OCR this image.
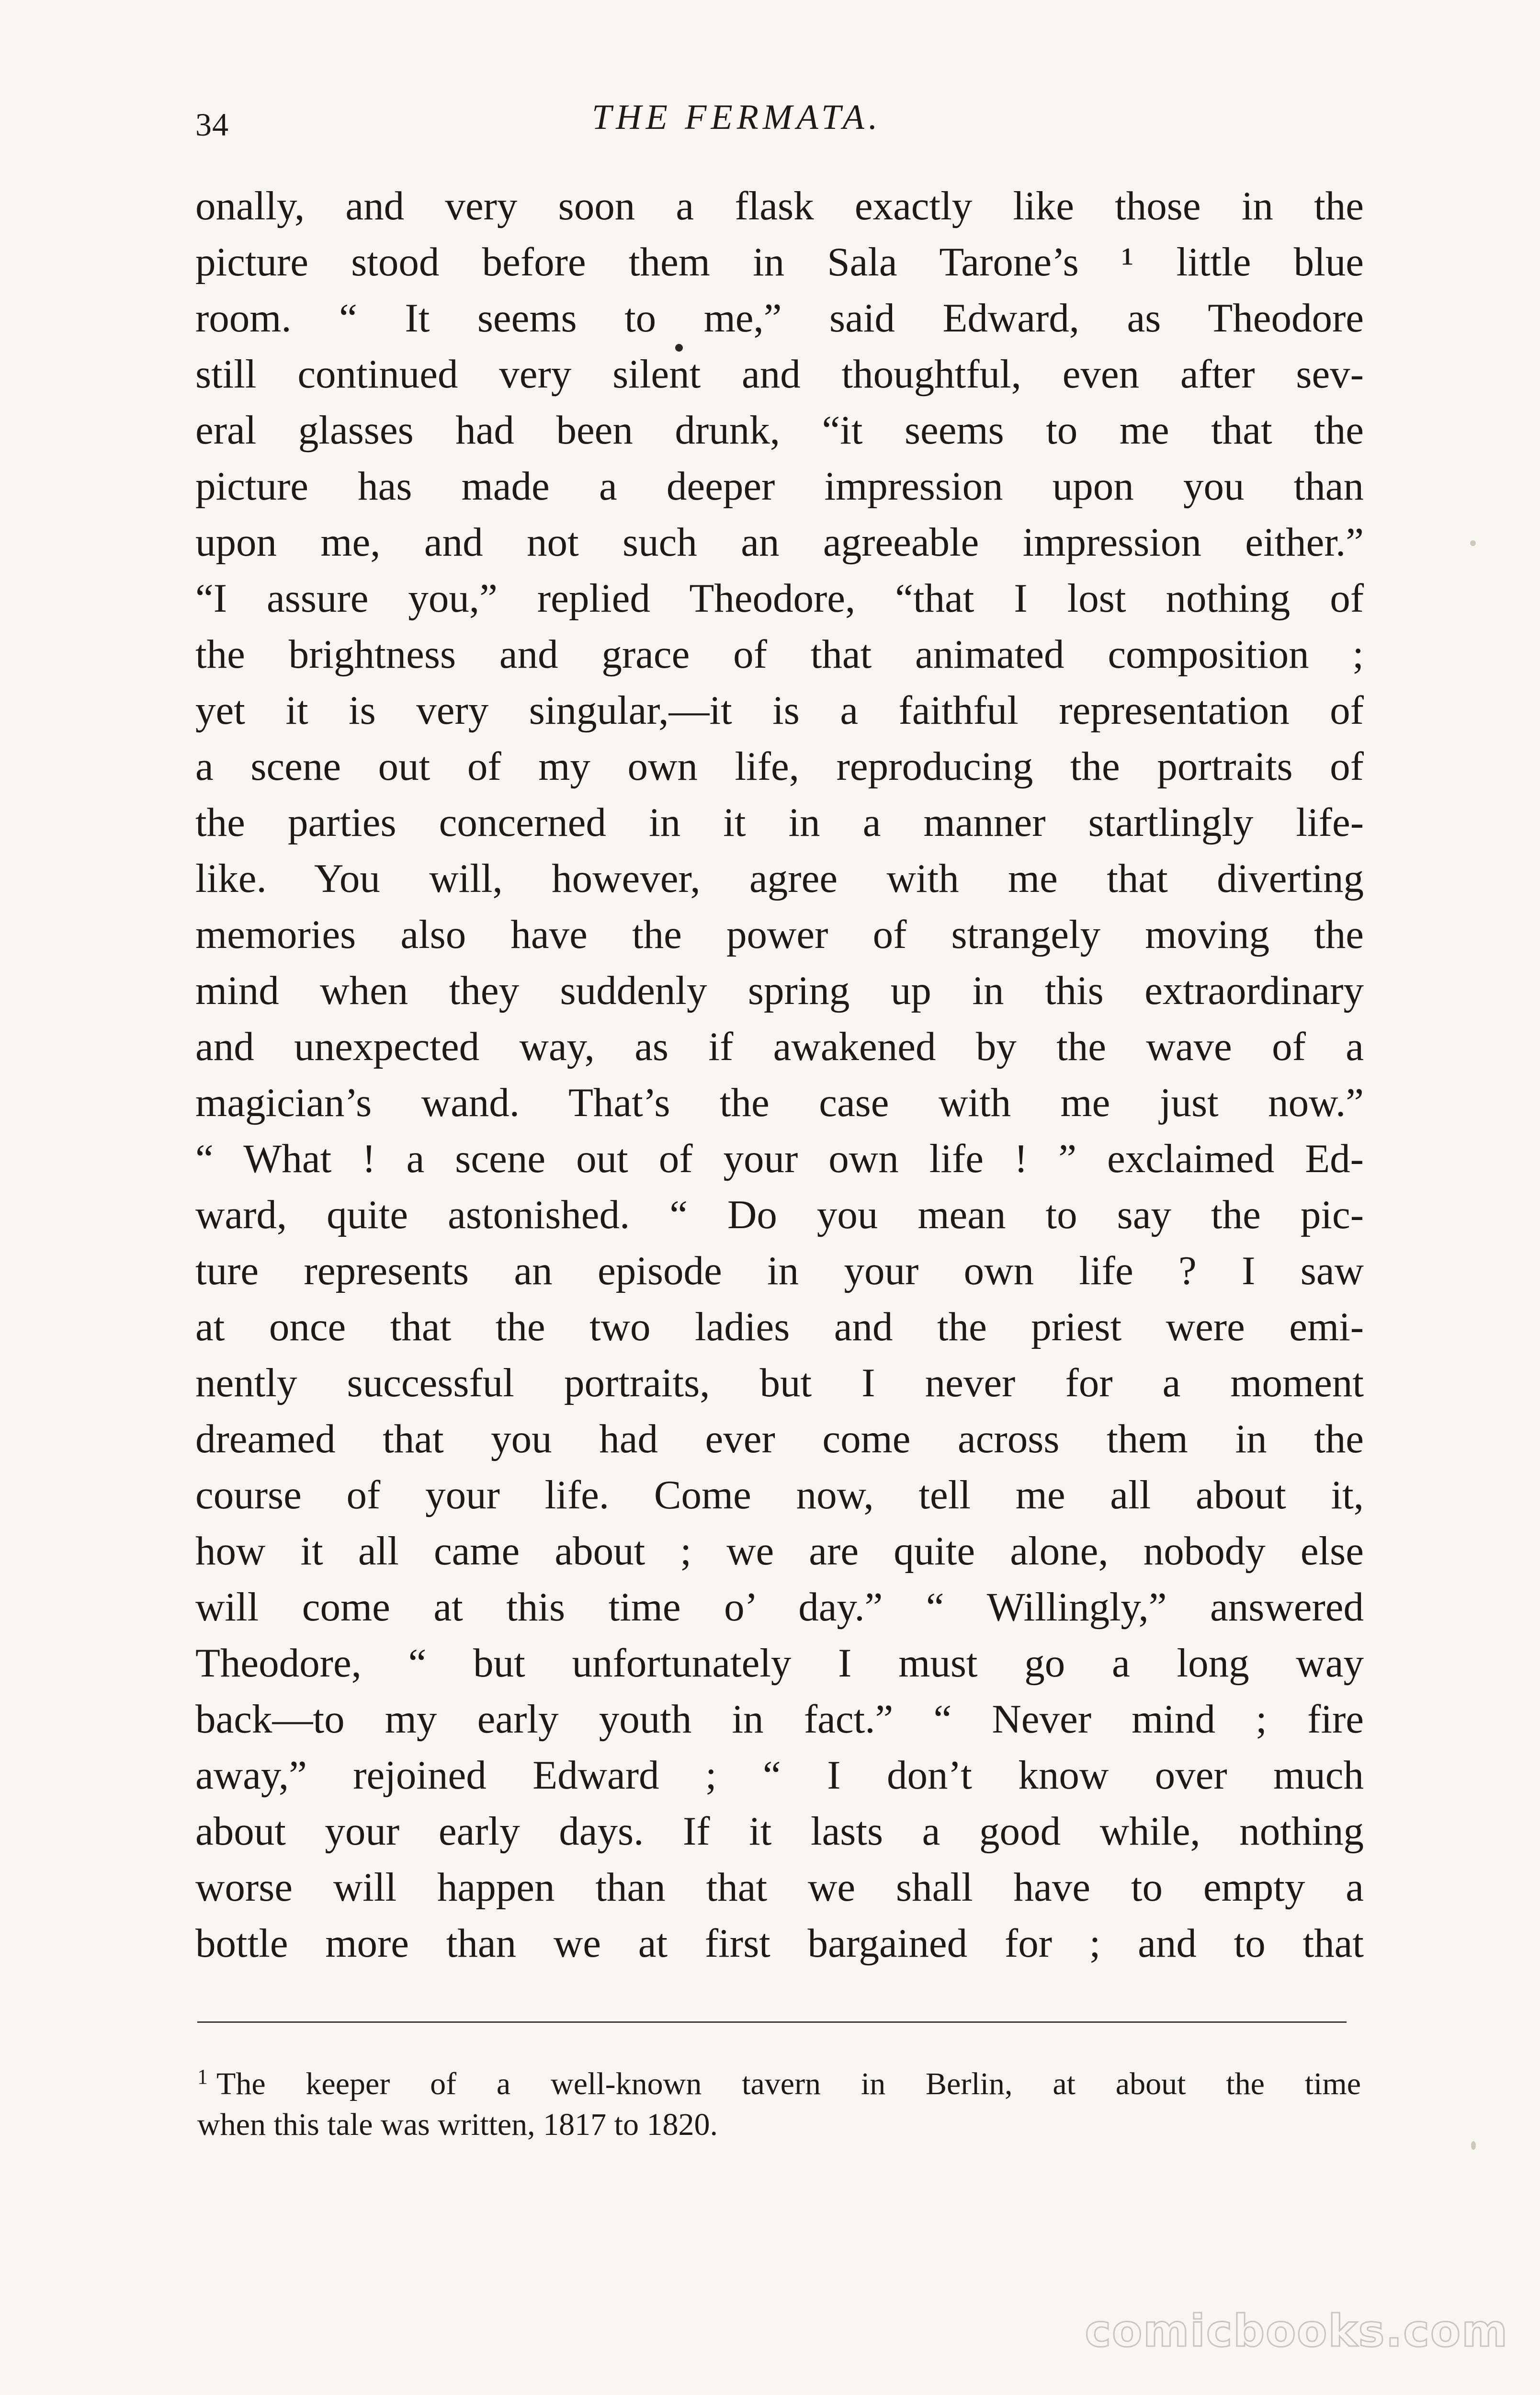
34	THE FERMATA.
onally, and very soon a flask exactly like those in the
picture stood before them in Sala Tarone’s ¹ little blue
room. “ It seems to me,” said Edward, as Theodore
still continued very silent and thoughtful, even after sev-
eral glasses had been drunk, “it seems to me that the
picture has made a deeper impression upon you than
upon me, and not such an agreeable impression either.”
“I assure you,” replied Theodore, “that I lost nothing of
the brightness and grace of that animated composition ;
yet it is very singular,—it is a faithful representation of
a scene out of my own life, reproducing the portraits of
the parties concerned in it in a manner startlingly life-
like. You will, however, agree with me that diverting
memories also have the power of strangely moving the
mind when they suddenly spring up in this extraordinary
and unexpected way, as if awakened by the wave of a
magician’s wand. That’s the case with me just now.”
“ What ! a scene out of your own life ! ” exclaimed Ed-
ward, quite astonished. “ Do you mean to say the pic-
ture represents an episode in your own life ? I saw
at once that the two ladies and the priest were emi-
nently successful portraits, but I never for a moment
dreamed that you had ever come across them in the
course of your life. Come now, tell me all about it,
how it all came about ; we are quite alone, nobody else
will come at this time o’ day.” “ Willingly,” answered
Theodore, “ but unfortunately I must go a long way
back—to my early youth in fact.” “ Never mind ; fire
away,” rejoined Edward ; “ I don’t know over much
about your early days. If it lasts a good while, nothing
worse will happen than that we shall have to empty a
bottle more than we at first bargained for ; and to that
$^1$ The keeper of a well-known tavern in Berlin, at about the time
when this tale was written, 1817 to 1820.
comicbooks.com
